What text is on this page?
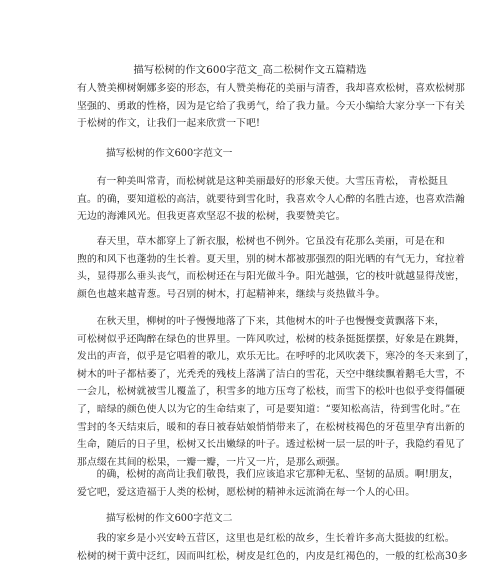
描写松树的作文600字范文_高二松树作文五篇精选
有人赞美柳树婀娜多姿的形态，有人赞美梅花的美丽与清香，我却喜欢松树，喜欢松树那
坚强的、勇敢的性格，因为是它给了我勇气，给了我力量。今天小编给大家分享一下有关
于松树的作文，让我们一起来欣赏一下吧!
描写松树的作文600字范文一
有一种美叫常青，而松树就是这种美丽最好的形象天使。大雪压青松， 青松挺且
直。的确，要知道松的高洁，就要待到雪化时，我喜欢令人心醉的名胜古迹，也喜欢浩瀚
无边的海滩风光。但我更喜欢坚忍不拔的松树，我要赞美它。
春天里，草木都穿上了新衣服，松树也不例外。它虽没有花那么美丽，可是在和
煦的和风下也蓬勃的生长着。夏天里，别的树木都被那强烈的阳光晒的有气无力，耷拉着
头，显得那么垂头丧气，而松树还在与阳光做斗争。阳光越强，它的枝叶就越显得茂密，
颜色也越来越青葱。号召别的树木，打起精神来，继续与炎热做斗争。
在秋天里，柳树的叶子慢慢地落了下来，其他树木的叶子也慢慢变黄飘落下来，
可松树似乎还陶醉在绿色的世界里。一阵风吹过，松树的枝条挺挺摆摆，好象是在跳舞，
发出的声音，似乎是它唱着的歌儿，欢乐无比。在呼呼的北风吹袭下，寒冷的冬天来到了，
树木的叶子都枯萎了，光秃秃的残枝上落满了洁白的雪花，天空中继续飘着鹅毛大雪，不
一会儿，松树就被雪儿覆盖了，积雪多的地方压弯了松枝，而雪下的松叶也似乎变得僵硬
了，暗绿的颜色使人以为它的生命结束了，可是要知道：“要知松高洁，待到雪化时。”在
雪封的冬天结束后，暖和的春日被春姑娘悄悄带来了，在松树枝褐色的牙苞里孕育出新的
生命，随后的日子里，松树又长出嫩绿的叶子。透过松树一层一层的叶子，我隐约看见了
那点缀在其间的松果，一瓣一瓣，一片又一片，是那么顽强。
的确，松树的高尚让我们敬畏，我们应该追求它那种无私、坚韧的品质。啊!朋友，
爱它吧，爱这造福于人类的松树，愿松树的精神永远流淌在每一个人的心田。
描写松树的作文600字范文二
我的家乡是小兴安岭五营区，这里也是红松的故乡，生长着许多高大挺拔的红松。
松树的树干黄中泛红，因而叫红松，树皮是红色的，内皮是红褐色的，一般的红松高30多
